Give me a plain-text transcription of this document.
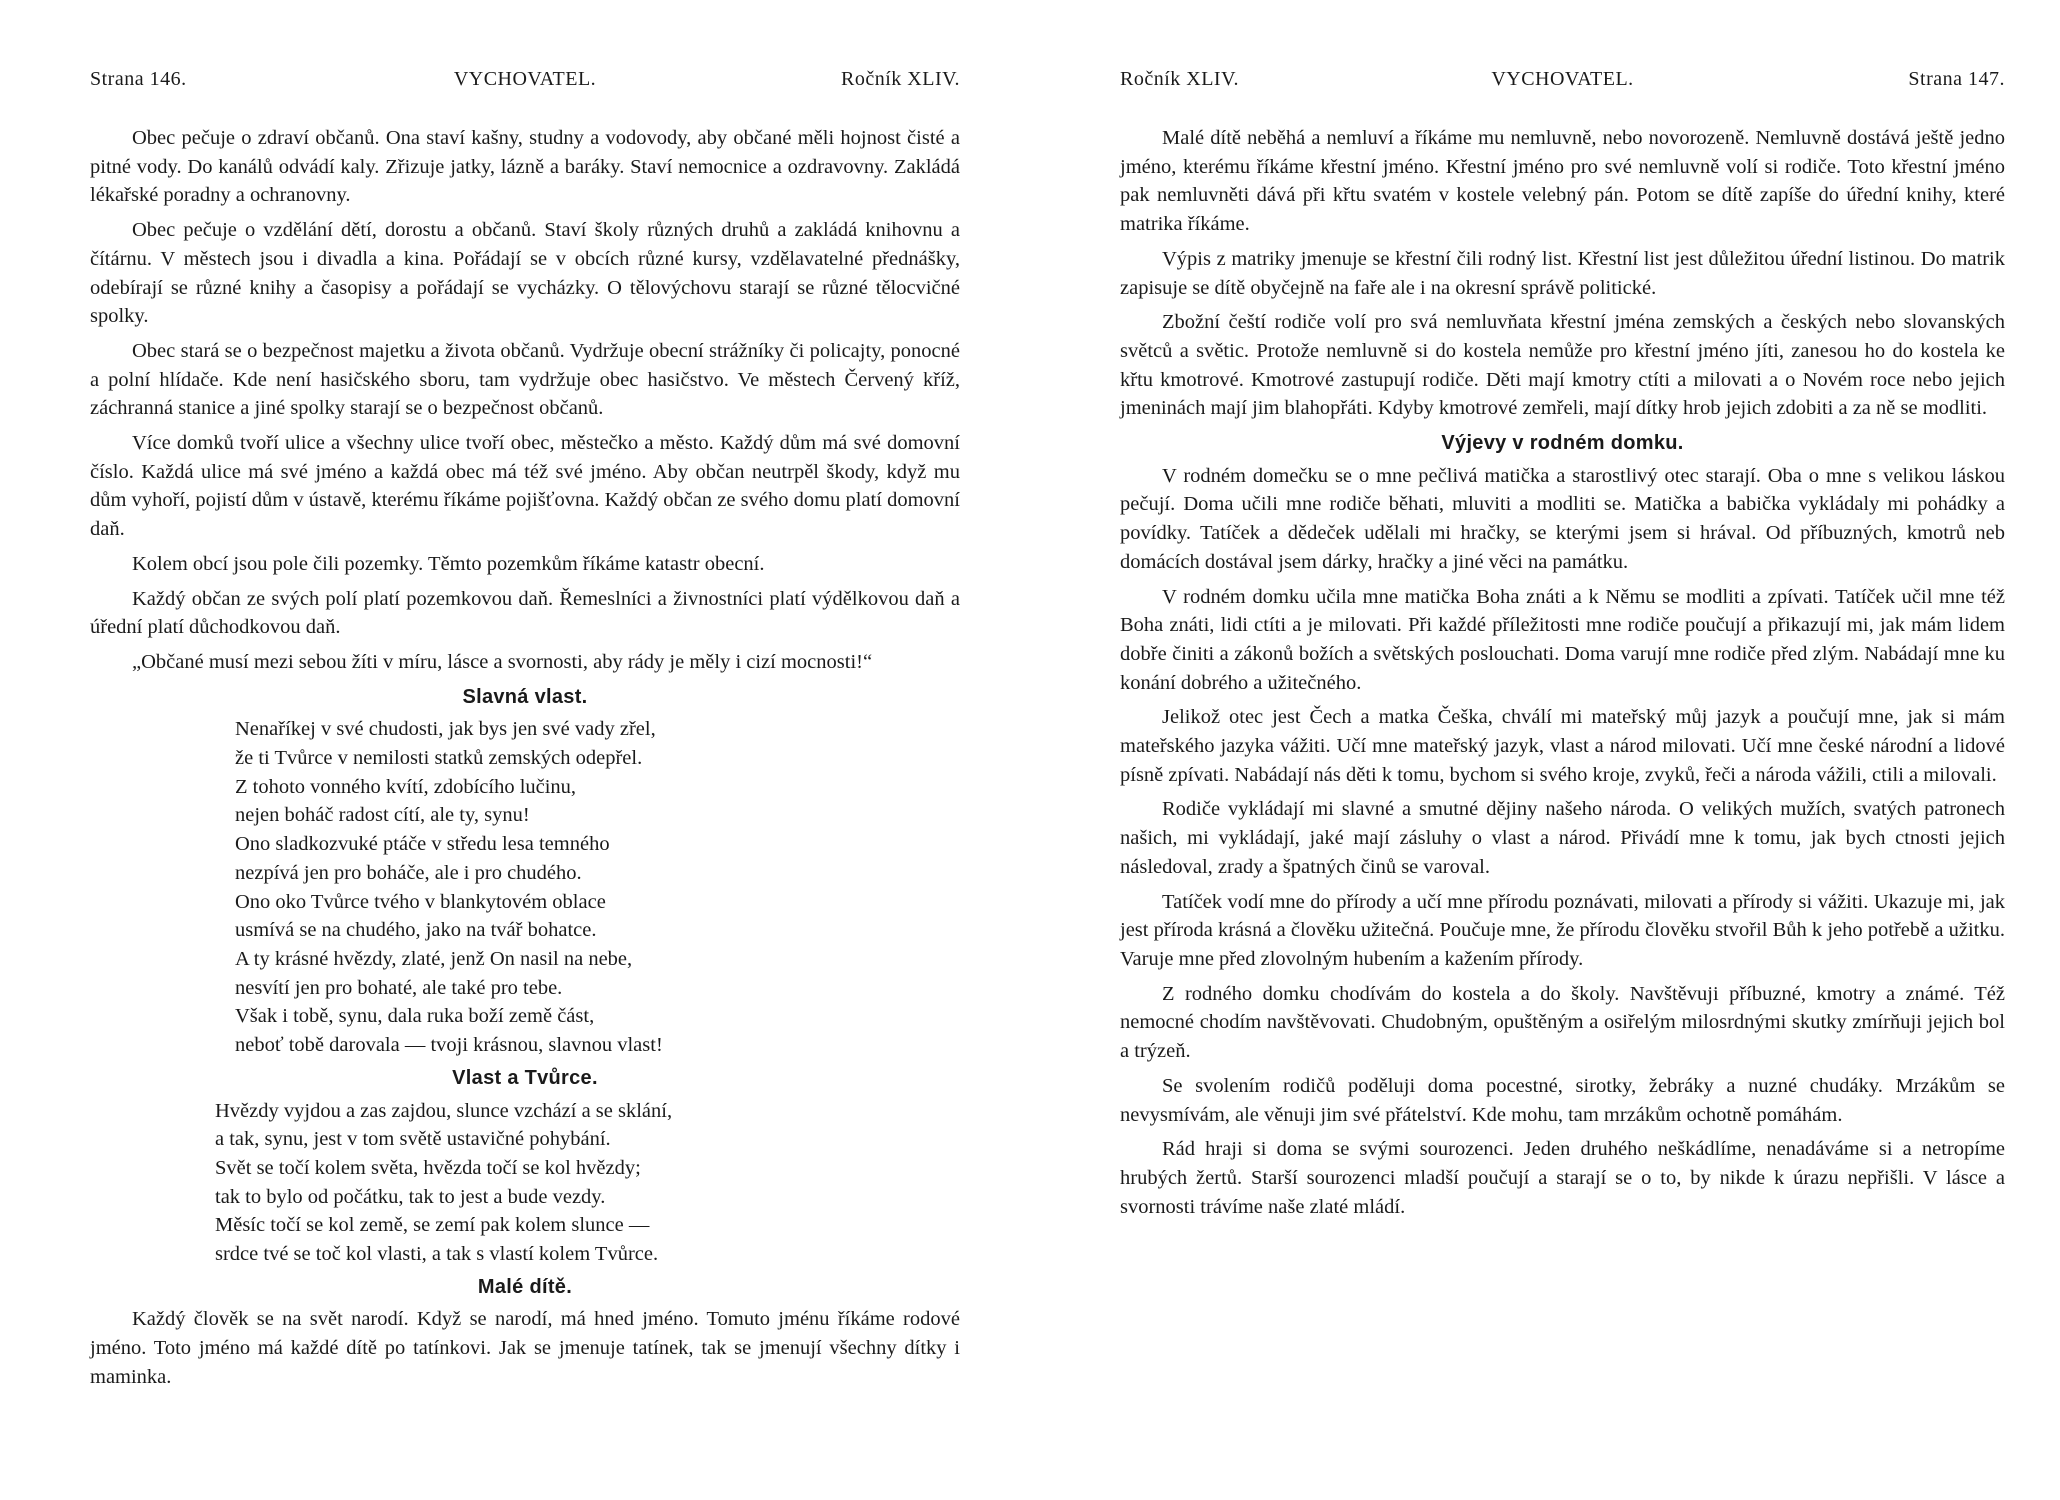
Strana 146.	VYCHOVATEL.	Ročník XLIV.

Obec pečuje o zdraví občanů. Ona staví kašny, studny a vodovody, aby občané měli hojnost čisté a pitné vody. Do kanálů odvádí kaly. Zřizuje jatky, lázně a baráky. Staví nemocnice a ozdravovny. Zakládá lékařské poradny a ochranovny.

Obec pečuje o vzdělání dětí, dorostu a občanů. Staví školy různých druhů a zakládá knihovnu a čítárnu. V městech jsou i divadla a kina. Pořádají se v obcích různé kursy, vzdělavatelné přednášky, odebírají se různé knihy a časopisy a pořádají se vycházky. O tělovýchovu starají se různé tělocvičné spolky.

Obec stará se o bezpečnost majetku a života občanů. Vydržuje obecní strážníky či policajty, ponocné a polní hlídače. Kde není hasičského sboru, tam vydržuje obec hasičstvo. Ve městech Červený kříž, záchranná stanice a jiné spolky starají se o bezpečnost občanů.

Více domků tvoří ulice a všechny ulice tvoří obec, městečko a město. Každý dům má své domovní číslo. Každá ulice má své jméno a každá obec má též své jméno. Aby občan neutrpěl škody, když mu dům vyhoří, pojistí dům v ústavě, kterému říkáme pojišťovna. Každý občan ze svého domu platí domovní daň.

Kolem obcí jsou pole čili pozemky. Těmto pozemkům říkáme katastr obecní.

Každý občan ze svých polí platí pozemkovou daň. Řemeslníci a živnostníci platí výdělkovou daň a úřední platí důchodkovou daň.

„Občané musí mezi sebou žíti v míru, lásce a svornosti, aby rády je měly i cizí mocnosti!“

Slavná vlast.
Nenaříkej v své chudosti, jak bys jen své vady zřel,
že ti Tvůrce v nemilosti statků zemských odepřel.
Z tohoto vonného kvítí, zdobícího lučinu,
nejen boháč radost cítí, ale ty, synu!
Ono sladkozvuké ptáče v středu lesa temného
nezpívá jen pro boháče, ale i pro chudého.
Ono oko Tvůrce tvého v blankytovém oblace
usmívá se na chudého, jako na tvář bohatce.
A ty krásné hvězdy, zlaté, jenž On nasil na nebe,
nesvítí jen pro bohaté, ale také pro tebe.
Však i tobě, synu, dala ruka boží země část,
neboť tobě darovala — tvoji krásnou, slavnou vlast!
Vlast a Tvůrce.
Hvězdy vyjdou a zas zajdou, slunce vzchází a se sklání,
a tak, synu, jest v tom světě ustavičné pohybání.
Svět se točí kolem světa, hvězda točí se kol hvězdy;
tak to bylo od počátku, tak to jest a bude vezdy.
Měsíc točí se kol země, se zemí pak kolem slunce —
srdce tvé se toč kol vlasti, a tak s vlastí kolem Tvůrce.
Malé dítě.

Každý člověk se na svět narodí. Když se narodí, má hned jméno. Tomuto jménu říkáme rodové jméno. Toto jméno má každé dítě po tatínkovi. Jak se jmenuje tatínek, tak se jmenují všechny dítky i maminka.

Ročník XLIV.	VYCHOVATEL.	Strana 147.

Malé dítě neběhá a nemluví a říkáme mu nemluvně, nebo novorozeně. Nemluvně dostává ještě jedno jméno, kterému říkáme křestní jméno. Křestní jméno pro své nemluvně volí si rodiče. Toto křestní jméno pak nemluvněti dává při křtu svatém v kostele velebný pán. Potom se dítě zapíše do úřední knihy, které matrika říkáme.

Výpis z matriky jmenuje se křestní čili rodný list. Křestní list jest důležitou úřední listinou. Do matrik zapisuje se dítě obyčejně na faře ale i na okresní správě politické.

Zbožní čeští rodiče volí pro svá nemluvňata křestní jména zemských a českých nebo slovanských světců a světic. Protože nemluvně si do kostela nemůže pro křestní jméno jíti, zanesou ho do kostela ke křtu kmotrové. Kmotrové zastupují rodiče. Děti mají kmotry ctíti a milovati a o Novém roce nebo jejich jmeninách mají jim blahopřáti. Kdyby kmotrové zemřeli, mají dítky hrob jejich zdobiti a za ně se modliti.

Výjevy v rodném domku.

V rodném domečku se o mne pečlivá matička a starostlivý otec starají. Oba o mne s velikou láskou pečují. Doma učili mne rodiče běhati, mluviti a modliti se. Matička a babička vykládaly mi pohádky a povídky. Tatíček a dědeček udělali mi hračky, se kterými jsem si hrával. Od příbuzných, kmotrů neb domácích dostával jsem dárky, hračky a jiné věci na památku.

V rodném domku učila mne matička Boha znáti a k Němu se modliti a zpívati. Tatíček učil mne též Boha znáti, lidi ctíti a je milovati. Při každé příležitosti mne rodiče poučují a přikazují mi, jak mám lidem dobře činiti a zákonů božích a světských poslouchati. Doma varují mne rodiče před zlým. Nabádají mne ku konání dobrého a užitečného.

Jelikož otec jest Čech a matka Češka, chválí mi mateřský můj jazyk a poučují mne, jak si mám mateřského jazyka vážiti. Učí mne mateřský jazyk, vlast a národ milovati. Učí mne české národní a lidové písně zpívati. Nabádají nás děti k tomu, bychom si svého kroje, zvyků, řeči a národa vážili, ctili a milovali.

Rodiče vykládají mi slavné a smutné dějiny našeho národa. O velikých mužích, svatých patronech našich, mi vykládají, jaké mají zásluhy o vlast a národ. Přivádí mne k tomu, jak bych ctnosti jejich následoval, zrady a špatných činů se varoval.

Tatíček vodí mne do přírody a učí mne přírodu poznávati, milovati a přírody si vážiti. Ukazuje mi, jak jest příroda krásná a člověku užitečná. Poučuje mne, že přírodu člověku stvořil Bůh k jeho potřebě a užitku. Varuje mne před zlovolným hubením a kažením přírody.

Z rodného domku chodívám do kostela a do školy. Navštěvuji příbuzné, kmotry a známé. Též nemocné chodím navštěvovati. Chudobným, opuštěným a osiřelým milosrdnými skutky zmírňuji jejich bol a trýzeň.

Se svolením rodičů poděluji doma pocestné, sirotky, žebráky a nuzné chudáky. Mrzákům se nevysmívám, ale věnuji jim své přátelství. Kde mohu, tam mrzákům ochotně pomáhám.

Rád hraji si doma se svými sourozenci. Jeden druhého neškádlíme, nenadáváme si a netropíme hrubých žertů. Starší sourozenci mladší poučují a starají se o to, by nikde k úrazu nepřišli. V lásce a svornosti trávíme naše zlaté mládí.
